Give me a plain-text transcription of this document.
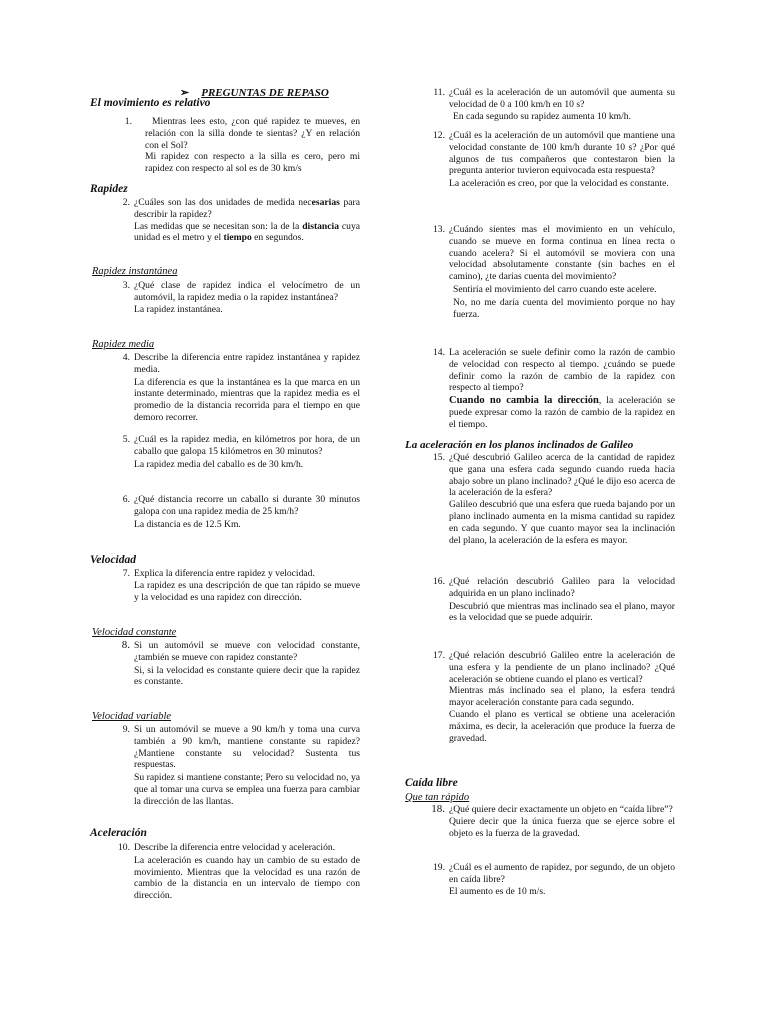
➢ PREGUNTAS DE REPASO
El movimiento es relativo
1.	Mientras lees esto, ¿con qué rapidez te mueves, en relación con la silla donde te sientas? ¿Y en relación con el Sol?

Mi rapidez con respecto a la silla es cero, pero mi rapidez con respecto al sol es de 30 km/s

Rapidez
2. ¿Cuáles son las dos unidades de medida necesarias para describir la rapidez?

Las medidas que se necesitan son: la de la distancia cuya unidad es el metro y el tiempo en segundos.

Rapidez instantánea
3. ¿Qué clase de rapidez indica el velocímetro de un automóvil, la rapidez media o la rapidez instantánea?

La rapidez instantánea.

Rapidez media
4. Describe la diferencia entre rapidez instantánea y rapidez media.

La diferencia es que la instantánea es la que marca en un instante determinado, mientras que la rapidez media es el promedio de la distancia recorrida para el tiempo en que demoro recorrer.

5. ¿Cuál es la rapidez media, en kilómetros por hora, de un caballo que galopa 15 kilómetros en 30 minutos?

La rapidez media del caballo es de 30 km/h.

6. ¿Qué distancia recorre un caballo si durante 30 minutos galopa con una rapidez media de 25 km/h?

La distancia es de 12.5 Km.

Velocidad
7. Explica la diferencia entre rapidez y velocidad.

La rapidez es una descripción de que tan rápido se mueve y la velocidad es una rapidez con dirección.

Velocidad constante
8. Si un automóvil se mueve con velocidad constante, ¿también se mueve con rapidez constante?

Si, si la velocidad es constante quiere decir que la rapidez es constante.

Velocidad variable
9. Si un automóvil se mueve a 90 km/h y toma una curva también a 90 km/h, mantiene constante su rapidez? ¿Mantiene constante su velocidad? Sustenta tus respuestas.

Su rapidez si mantiene constante; Pero su velocidad no, ya que al tomar una curva se emplea una fuerza para cambiar la dirección de las llantas.

Aceleración
10. Describe la diferencia entre velocidad y aceleración.

La aceleración es cuando hay un cambio de su estado de movimiento. Mientras que la velocidad es una razón de cambio de la distancia en un intervalo de tiempo con dirección.

11. ¿Cuál es la aceleración de un automóvil que aumenta su velocidad de 0 a 100 km/h en 10 s?

En cada segundo su rapidez aumenta 10 km/h.

12. ¿Cuál es la aceleración de un automóvil que mantiene una velocidad constante de 100 km/h durante 10 s? ¿Por qué algunos de tus compañeros que contestaron bien la pregunta anterior tuvieron equivocada esta respuesta?

La aceleración es creo, por que la velocidad es constante.

13. ¿Cuándo sientes mas el movimiento en un vehículo, cuando se mueve en forma continua en línea recta o cuando acelera? Si el automóvil se moviera con una velocidad absolutamente constante (sin baches en el camino), ¿te darías cuenta del movimiento?

Sentiría el movimiento del carro cuando este acelere.

No, no me daría cuenta del movimiento porque no hay fuerza.

14. La aceleración se suele definir como la razón de cambio de velocidad con respecto al tiempo. ¿cuándo se puede definir como la razón de cambio de la rapidez con respecto al tiempo?

Cuando no cambia la dirección, la aceleración se puede expresar como la razón de cambio de la rapidez en el tiempo.

La aceleración en los planos inclinados de Galileo
15. ¿Qué descubrió Galileo acerca de la cantidad de rapidez que gana una esfera cada segundo cuando rueda hacia abajo sobre un plano inclinado? ¿Qué le dijo eso acerca de la aceleración de la esfera?

Galileo descubrió que una esfera que rueda bajando por un plano inclinado aumenta en la misma cantidad su rapidez en cada segundo. Y que cuanto mayor sea la inclinación del plano, la aceleración de la esfera es mayor.

16. ¿Qué relación descubrió Galileo para la velocidad adquirida en un plano inclinado?

Descubrió que mientras mas inclinado sea el plano, mayor es la velocidad que se puede adquirir.

17. ¿Qué relación descubrió Galileo entre la aceleración de una esfera y la pendiente de un plano inclinado? ¿Qué aceleración se obtiene cuando el plano es vertical?

Mientras más inclinado sea el plano, la esfera tendrá mayor aceleración constante para cada segundo.

Cuando el plano es vertical se obtiene una aceleración máxima, es decir, la aceleración que produce la fuerza de gravedad.

Caída libre
Que tan rápido
18. ¿Qué quiere decir exactamente un objeto en “caída libre”?

Quiere decir que la única fuerza que se ejerce sobre el objeto es la fuerza de la gravedad.

19. ¿Cuál es el aumento de rapidez, por segundo, de un objeto en caída libre?

El aumento es de 10 m/s.
